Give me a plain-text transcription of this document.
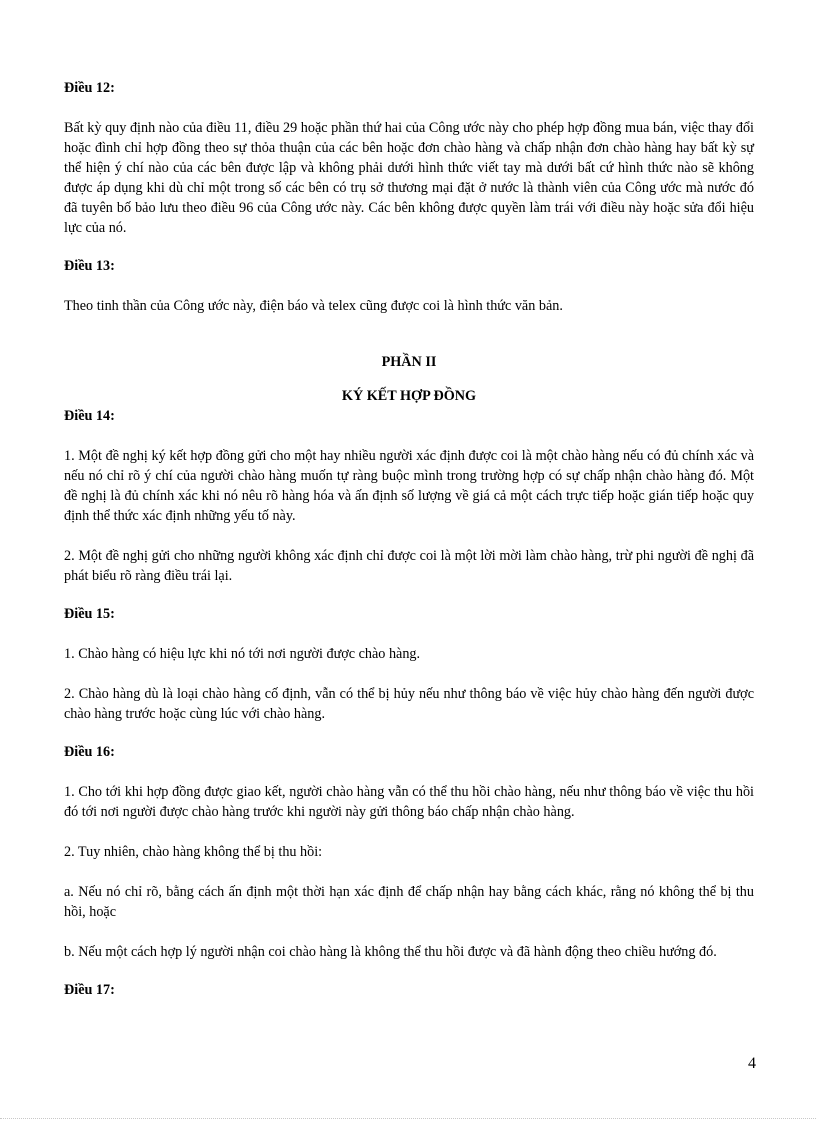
Điều 12:

Bất kỳ quy định nào của điều 11, điều 29 hoặc phần thứ hai của Công ước này cho phép hợp đồng mua bán, việc thay đổi hoặc đình chỉ hợp đồng theo sự thỏa thuận của các bên hoặc đơn chào hàng và chấp nhận đơn chào hàng hay bất kỳ sự thể hiện ý chí nào của các bên được lập và không phải dưới hình thức viết tay mà dưới bất cứ hình thức nào sẽ không được áp dụng khi dù chỉ một trong số các bên có trụ sở thương mại đặt ở nước là thành viên của Công ước mà nước đó đã tuyên bố bảo lưu theo điều 96 của Công ước này. Các bên không được quyền làm trái với điều này hoặc sửa đổi hiệu lực của nó.

Điều 13:

Theo tinh thần của Công ước này, điện báo và telex cũng được coi là hình thức văn bản.

PHẦN II

KÝ KẾT HỢP ĐỒNG

Điều 14:

1. Một đề nghị ký kết hợp đồng gửi cho một hay nhiều người xác định được coi là một chào hàng nếu có đủ chính xác và nếu nó chỉ rõ ý chí của người chào hàng muốn tự ràng buộc mình trong trường hợp có sự chấp nhận chào hàng đó. Một đề nghị là đủ chính xác khi nó nêu rõ hàng hóa và ấn định số lượng về giá cả một cách trực tiếp hoặc gián tiếp hoặc quy định thể thức xác định những yếu tố này.

2. Một đề nghị gửi cho những người không xác định chỉ được coi là một lời mời làm chào hàng, trừ phi người đề nghị đã phát biểu rõ ràng điều trái lại.

Điều 15:

1. Chào hàng có hiệu lực khi nó tới nơi người được chào hàng.

2. Chào hàng dù là loại chào hàng cố định, vẫn có thể bị hủy nếu như thông báo về việc hủy chào hàng đến người được chào hàng trước hoặc cùng lúc với chào hàng.

Điều 16:

1. Cho tới khi hợp đồng được giao kết, người chào hàng vẫn có thể thu hồi chào hàng, nếu như thông báo về việc thu hồi đó tới nơi người được chào hàng trước khi người này gửi thông báo chấp nhận chào hàng.

2. Tuy nhiên, chào hàng không thể bị thu hồi:

a. Nếu nó chỉ rõ, bằng cách ấn định một thời hạn xác định để chấp nhận hay bằng cách khác, rằng nó không thể bị thu hồi, hoặc

b. Nếu một cách hợp lý người nhận coi chào hàng là không thể thu hồi được và đã hành động theo chiều hướng đó.

Điều 17:

4
